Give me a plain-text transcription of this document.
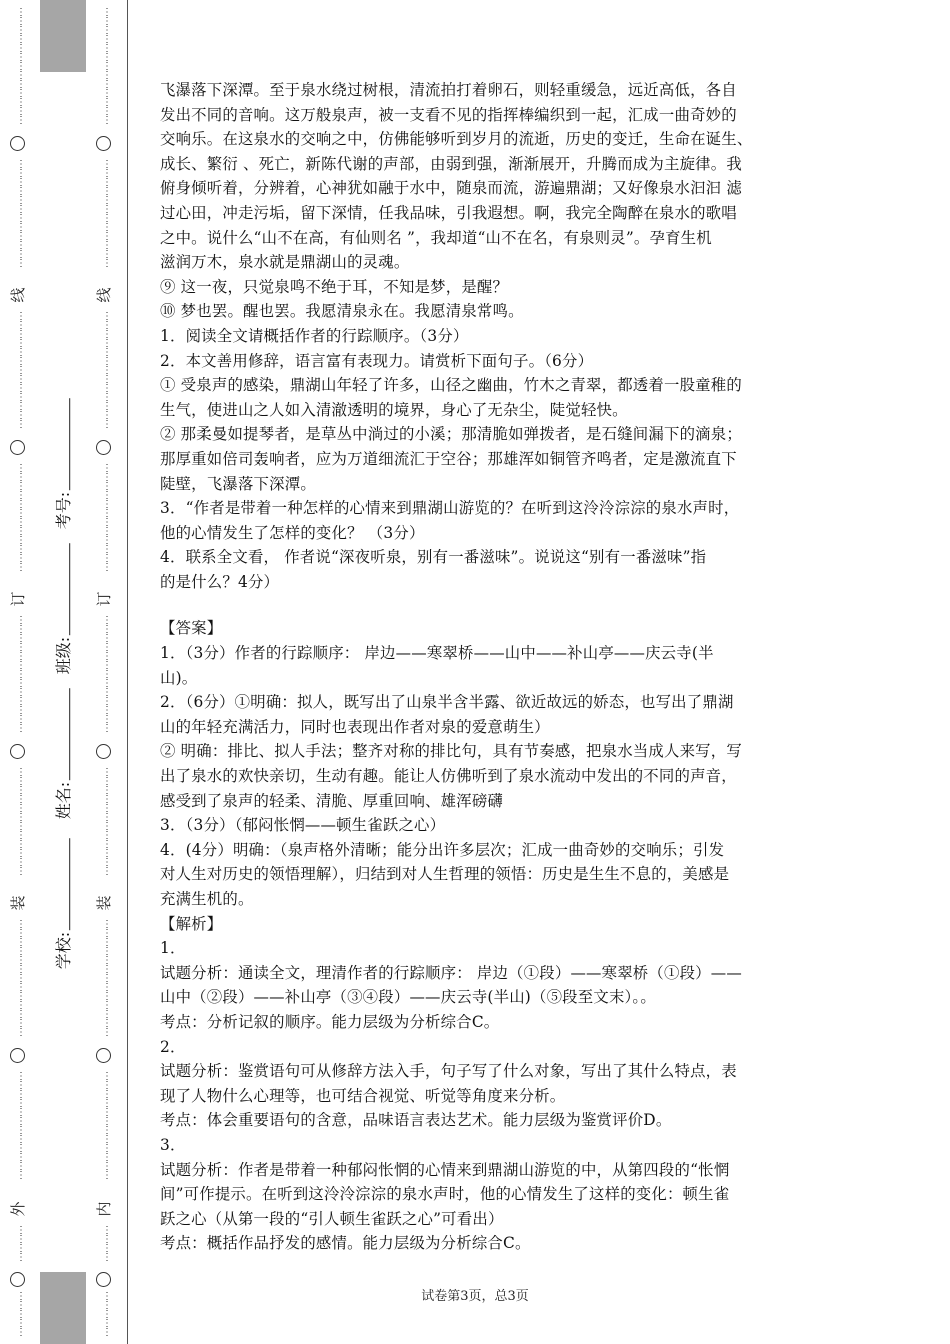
⋮
⋮
⋮
⋮
⋮
⋮
⋮
⋮
⋮
⋮
⋮
⋮
⋮
⋮
⋮
⋮
⋮
⋮
⋮
⋮
⋮
⋮
⋮
⋮
⋮
线
⋮
⋮
⋮
⋮
⋮
⋮
⋮
⋮
⋮
⋮
⋮
⋮
⋮
⋮
⋮
⋮
⋮
⋮
⋮
⋮
⋮
⋮
⋮
⋮
⋮
订
⋮
⋮
⋮
⋮
⋮
⋮
⋮
⋮
⋮
⋮
⋮
⋮
⋮
⋮
⋮
⋮
⋮
⋮
⋮
⋮
⋮
⋮
⋮
⋮
⋮
装
⋮
⋮
⋮
⋮
⋮
⋮
⋮
⋮
⋮
⋮
⋮
⋮
⋮
⋮
⋮
⋮
⋮
⋮
⋮
⋮
⋮
⋮
⋮
⋮
⋮
外
⋮
⋮
⋮
⋮
⋮
⋮
⋮
⋮
⋮
学校:
姓名:
班级:
考号:
⋮
⋮
⋮
⋮
⋮
⋮
⋮
⋮
⋮
⋮
⋮
⋮
⋮
⋮
⋮
⋮
⋮
⋮
⋮
⋮
⋮
⋮
⋮
⋮
⋮
线
⋮
⋮
⋮
⋮
⋮
⋮
⋮
⋮
⋮
⋮
⋮
⋮
⋮
⋮
⋮
⋮
⋮
⋮
⋮
⋮
⋮
⋮
⋮
⋮
⋮
订
⋮
⋮
⋮
⋮
⋮
⋮
⋮
⋮
⋮
⋮
⋮
⋮
⋮
⋮
⋮
⋮
⋮
⋮
⋮
⋮
⋮
⋮
⋮
⋮
⋮
装
⋮
⋮
⋮
⋮
⋮
⋮
⋮
⋮
⋮
⋮
⋮
⋮
⋮
⋮
⋮
⋮
⋮
⋮
⋮
⋮
⋮
⋮
⋮
⋮
⋮
内
⋮
⋮
⋮
⋮
⋮
⋮
⋮
⋮
⋮

飞瀑落下深潭。至于泉水绕过树根，清流拍打着卵石，则轻重缓急，远近高低，各自

发出不同的音响。这万般泉声，被一支看不见的指挥棒编织到一起，汇成一曲奇妙的

交响乐。在这泉水的交响之中，仿佛能够听到岁月的流逝，历史的变迁，生命在诞生、

成长、繁衍 、死亡，新陈代谢的声部，由弱到强，渐渐展开，升腾而成为主旋律。我

俯身倾听着，分辨着，心神犹如融于水中，随泉而流，游遍鼎湖；又好像泉水汩汩 滤

过心田，冲走污垢，留下深情，任我品味，引我遐想。啊，我完全陶醉在泉水的歌唱

之中。说什么“山不在高，有仙则名 ”，我却道“山不在名，有泉则灵”。孕育生机

滋润万木，泉水就是鼎湖山的灵魂。

⑨ 这一夜，只觉泉鸣不绝于耳，不知是梦，是醒？

⑩ 梦也罢。醒也罢。我愿清泉永在。我愿清泉常鸣。

1．阅读全文请概括作者的行踪顺序。（3分）

2．本文善用修辞，语言富有表现力。请赏析下面句子。（6分）

① 受泉声的感染，鼎湖山年轻了许多，山径之幽曲，竹木之青翠，都透着一股童稚的

生气，使进山之人如入清澈透明的境界，身心了无杂尘，陡觉轻快。

② 那柔曼如提琴者，是草丛中淌过的小溪；那清脆如弹拨者，是石缝间漏下的滴泉；

那厚重如倍司轰响者，应为万道细流汇于空谷；那雄浑如铜管齐鸣者，定是激流直下

陡壁，飞瀑落下深潭。

3．“作者是带着一种怎样的心情来到鼎湖山游览的？在听到这泠泠淙淙的泉水声时，

他的心情发生了怎样的变化？ （3分）

4．联系全文看， 作者说“深夜听泉，别有一番滋味”。说说这“别有一番滋味”指

的是什么？4分）

【答案】

1．（3分）作者的行踪顺序： 岸边——寒翠桥——山中——补山亭——庆云寺(半

山)。

2．（6分）①明确：拟人，既写出了山泉半含半露、欲近故远的娇态，也写出了鼎湖

山的年轻充满活力，同时也表现出作者对泉的爱意萌生）

② 明确：排比、拟人手法；整齐对称的排比句，具有节奏感，把泉水当成人来写，写

出了泉水的欢快亲切，生动有趣。能让人仿佛听到了泉水流动中发出的不同的声音，

感受到了泉声的轻柔、清脆、厚重回响、雄浑磅礴

3．（3分）（郁闷怅惘——顿生雀跃之心）

4．(4分）明确：（泉声格外清晰；能分出许多层次；汇成一曲奇妙的交响乐；引发

对人生对历史的领悟理解），归结到对人生哲理的领悟：历史是生生不息的，美感是

充满生机的。

【解析】

1．

试题分析：通读全文，理清作者的行踪顺序： 岸边（①段）——寒翠桥（①段）——

山中（②段）——补山亭（③④段）——庆云寺(半山)（⑤段至文末）。。

考点：分析记叙的顺序。能力层级为分析综合C。

2．

试题分析：鉴赏语句可从修辞方法入手，句子写了什么对象，写出了其什么特点，表

现了人物什么心理等，也可结合视觉、听觉等角度来分析。

考点：体会重要语句的含意，品味语言表达艺术。能力层级为鉴赏评价D。

3．

试题分析：作者是带着一种郁闷怅惘的心情来到鼎湖山游览的中，从第四段的“怅惘

间”可作提示。在听到这泠泠淙淙的泉水声时，他的心情发生了这样的变化：顿生雀

跃之心（从第一段的“引人顿生雀跃之心”可看出）

考点：概括作品抒发的感情。能力层级为分析综合C。

试卷第3页，总3页
